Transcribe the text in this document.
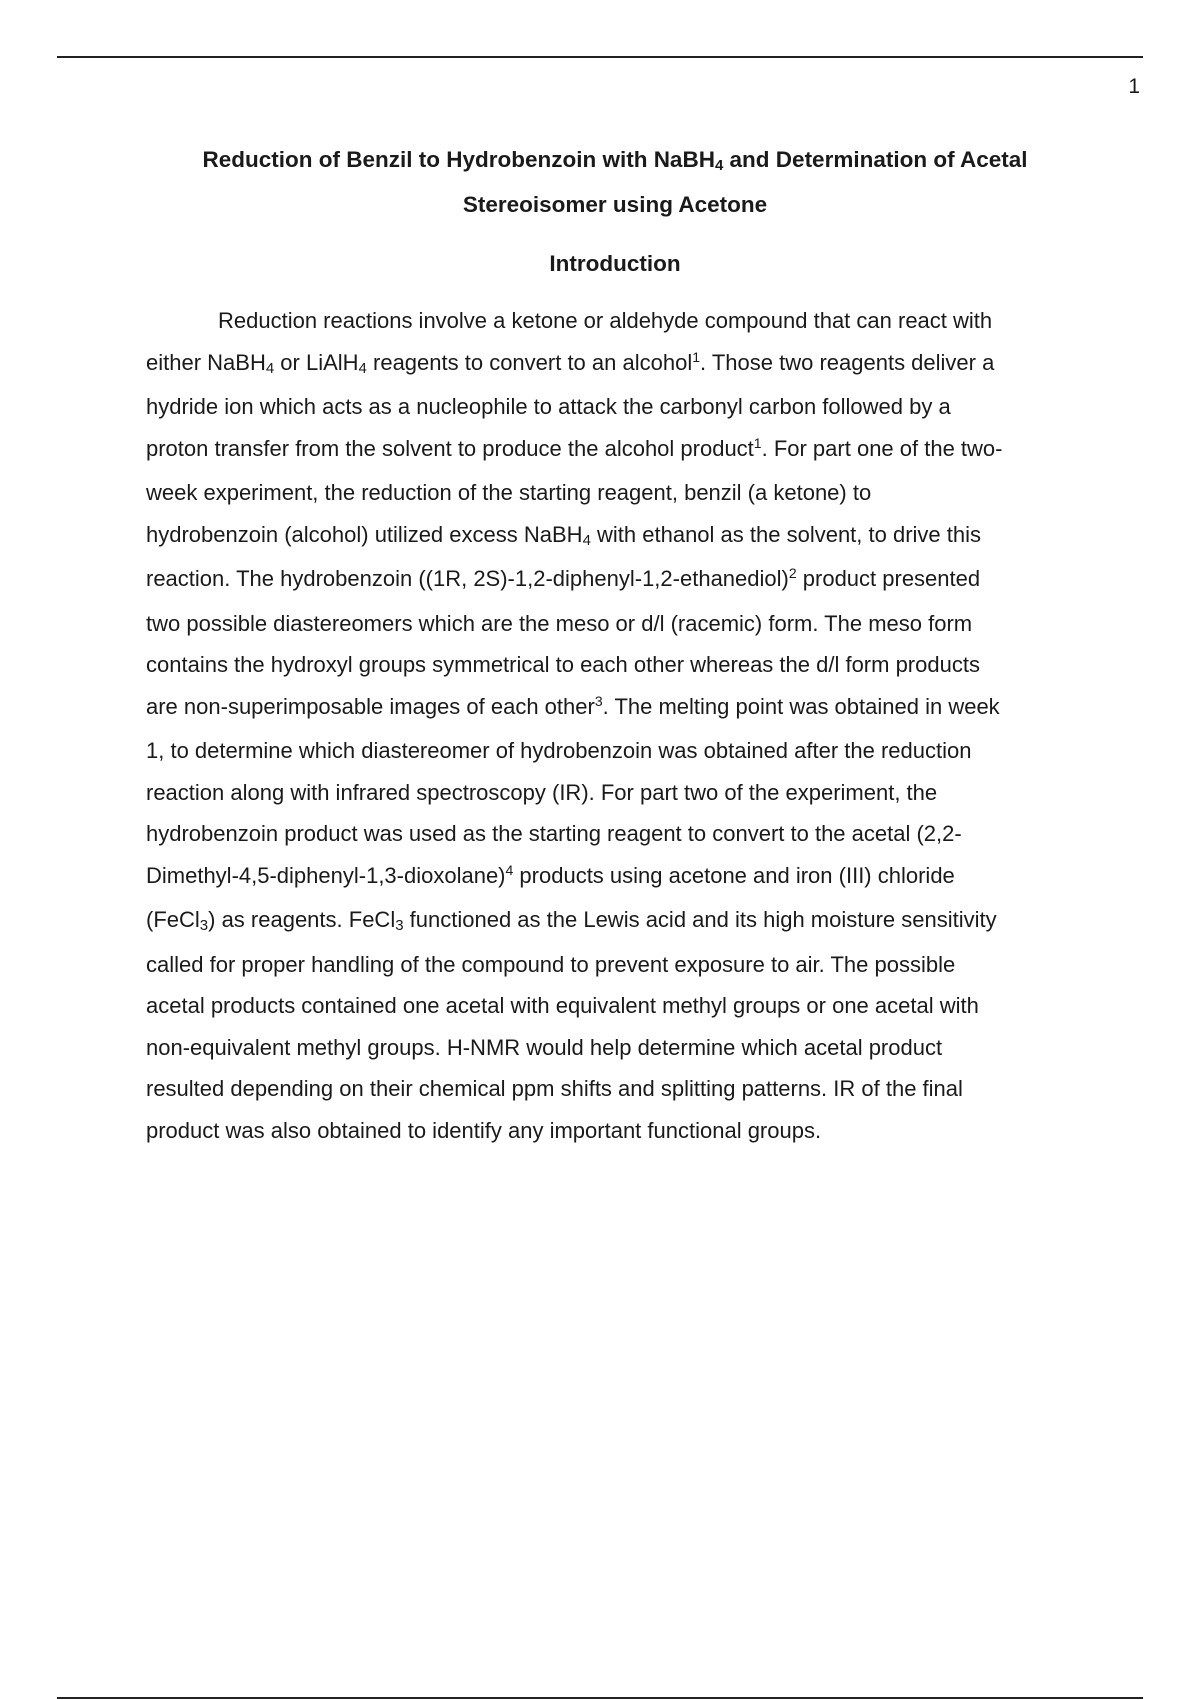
1
Reduction of Benzil to Hydrobenzoin with NaBH4 and Determination of Acetal
Stereoisomer using Acetone
Introduction
Reduction reactions involve a ketone or aldehyde compound that can react with
either NaBH4 or LiAlH4 reagents to convert to an alcohol$^1$. Those two reagents deliver a
hydride ion which acts as a nucleophile to attack the carbonyl carbon followed by a
proton transfer from the solvent to produce the alcohol product$^1$. For part one of the two-
week experiment, the reduction of the starting reagent, benzil (a ketone) to
hydrobenzoin (alcohol) utilized excess NaBH4 with ethanol as the solvent, to drive this
reaction. The hydrobenzoin ((1R, 2S)-1,2-diphenyl-1,2-ethanediol)$^2$ product presented
two possible diastereomers which are the meso or d/l (racemic) form. The meso form
contains the hydroxyl groups symmetrical to each other whereas the d/l form products
are non-superimposable images of each other$^3$. The melting point was obtained in week
1, to determine which diastereomer of hydrobenzoin was obtained after the reduction
reaction along with infrared spectroscopy (IR). For part two of the experiment, the
hydrobenzoin product was used as the starting reagent to convert to the acetal (2,2-
Dimethyl-4,5-diphenyl-1,3-dioxolane)$^4$ products using acetone and iron (III) chloride
(FeCl3) as reagents. FeCl3 functioned as the Lewis acid and its high moisture sensitivity
called for proper handling of the compound to prevent exposure to air. The possible
acetal products contained one acetal with equivalent methyl groups or one acetal with
non-equivalent methyl groups. H-NMR would help determine which acetal product
resulted depending on their chemical ppm shifts and splitting patterns. IR of the final
product was also obtained to identify any important functional groups.
